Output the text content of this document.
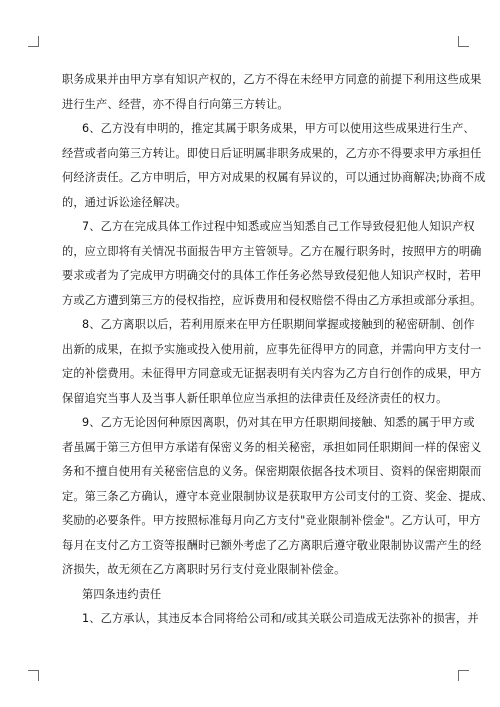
职务成果并由甲方享有知识产权的，乙方不得在未经甲方同意的前提下利用这些成果
进行生产、经营，亦不得自行向第三方转让。

6、乙方没有申明的，推定其属于职务成果，甲方可以使用这些成果进行生产、
经营或者向第三方转让。即使日后证明属非职务成果的，乙方亦不得要求甲方承担任
何经济责任。乙方申明后，甲方对成果的权属有异议的，可以通过协商解决;协商不成
的，通过诉讼途径解决。

7、乙方在完成具体工作过程中知悉或应当知悉自己工作导致侵犯他人知识产权
的，应立即将有关情况书面报告甲方主管领导。乙方在履行职务时，按照甲方的明确
要求或者为了完成甲方明确交付的具体工作任务必然导致侵犯他人知识产权时，若甲
方或乙方遭到第三方的侵权指控，应诉费用和侵权赔偿不得由乙方承担或部分承担。

8、乙方离职以后，若利用原来在甲方任职期间掌握或接触到的秘密研制、创作
出新的成果，在拟予实施或投入使用前，应事先征得甲方的同意，并需向甲方支付一
定的补偿费用。未征得甲方同意或无证据表明有关内容为乙方自行创作的成果，甲方
保留追究当事人及当事人新任职单位应当承担的法律责任及经济责任的权力。

9、乙方无论因何种原因离职，仍对其在甲方任职期间接触、知悉的属于甲方或
者虽属于第三方但甲方承诺有保密义务的相关秘密，承担如同任职期间一样的保密义
务和不擅自使用有关秘密信息的义务。保密期限依据各技术项目、资料的保密期限而
定。第三条乙方确认，遵守本竞业限制协议是获取甲方公司支付的工资、奖金、提成、
奖励的必要条件。甲方按照标准每月向乙方支付"竞业限制补偿金"。乙方认可，甲方
每月在支付乙方工资等报酬时已额外考虑了乙方离职后遵守敬业限制协议需产生的经
济损失，故无须在乙方离职时另行支付竞业限制补偿金。

第四条违约责任

1、乙方承认，其违反本合同将给公司和/或其关联公司造成无法弥补的损害，并
